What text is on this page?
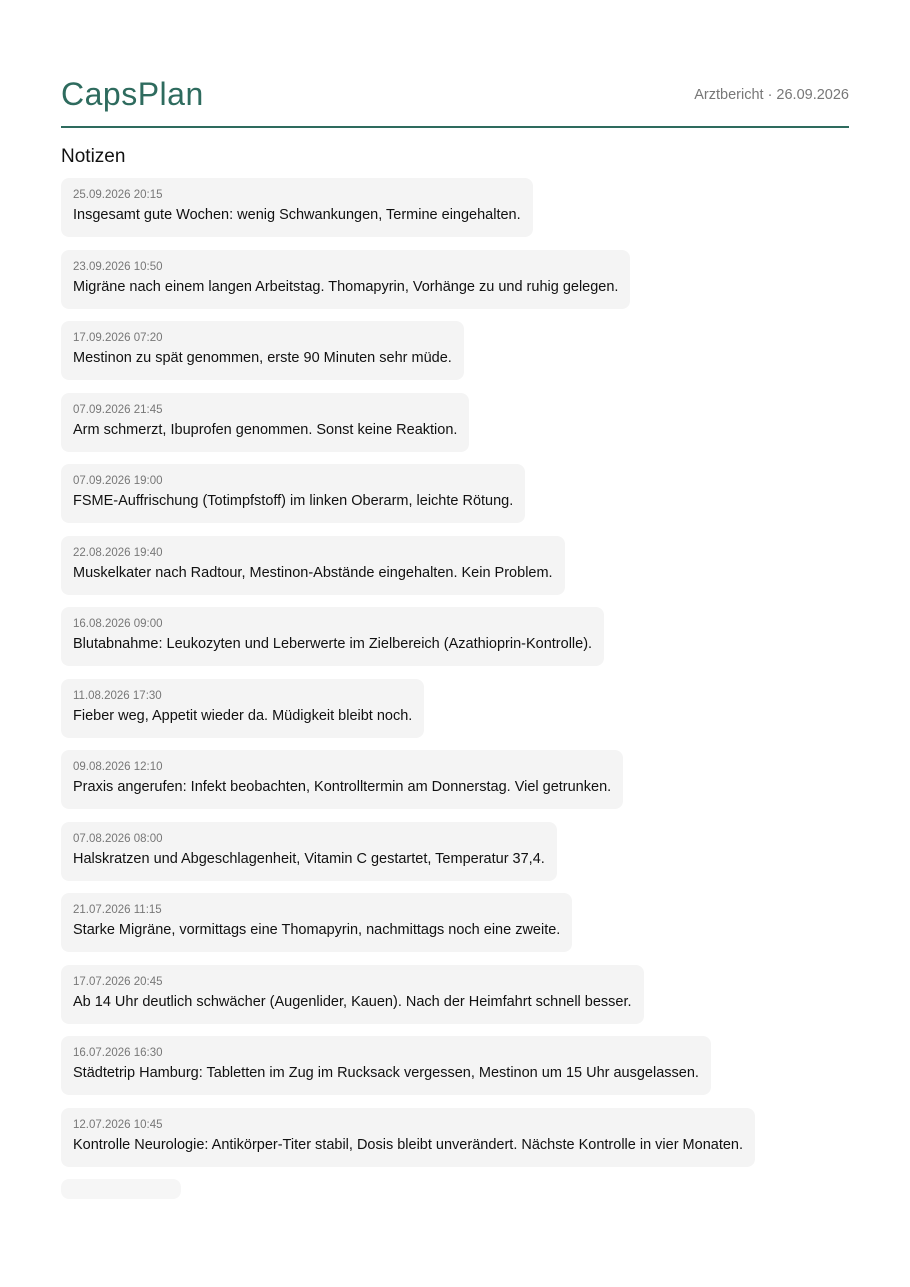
CapsPlan	Arztbericht · 26.09.2026
Notizen
25.09.2026 20:15
Insgesamt gute Wochen: wenig Schwankungen, Termine eingehalten.
23.09.2026 10:50
Migräne nach einem langen Arbeitstag. Thomapyrin, Vorhänge zu und ruhig gelegen.
17.09.2026 07:20
Mestinon zu spät genommen, erste 90 Minuten sehr müde.
07.09.2026 21:45
Arm schmerzt, Ibuprofen genommen. Sonst keine Reaktion.
07.09.2026 19:00
FSME-Auffrischung (Totimpfstoff) im linken Oberarm, leichte Rötung.
22.08.2026 19:40
Muskelkater nach Radtour, Mestinon-Abstände eingehalten. Kein Problem.
16.08.2026 09:00
Blutabnahme: Leukozyten und Leberwerte im Zielbereich (Azathioprin-Kontrolle).
11.08.2026 17:30
Fieber weg, Appetit wieder da. Müdigkeit bleibt noch.
09.08.2026 12:10
Praxis angerufen: Infekt beobachten, Kontrolltermin am Donnerstag. Viel getrunken.
07.08.2026 08:00
Halskratzen und Abgeschlagenheit, Vitamin C gestartet, Temperatur 37,4.
21.07.2026 11:15
Starke Migräne, vormittags eine Thomapyrin, nachmittags noch eine zweite.
17.07.2026 20:45
Ab 14 Uhr deutlich schwächer (Augenlider, Kauen). Nach der Heimfahrt schnell besser.
16.07.2026 16:30
Städtetrip Hamburg: Tabletten im Zug im Rucksack vergessen, Mestinon um 15 Uhr ausgelassen.
12.07.2026 10:45
Kontrolle Neurologie: Antikörper-Titer stabil, Dosis bleibt unverändert. Nächste Kontrolle in vier Monaten.
